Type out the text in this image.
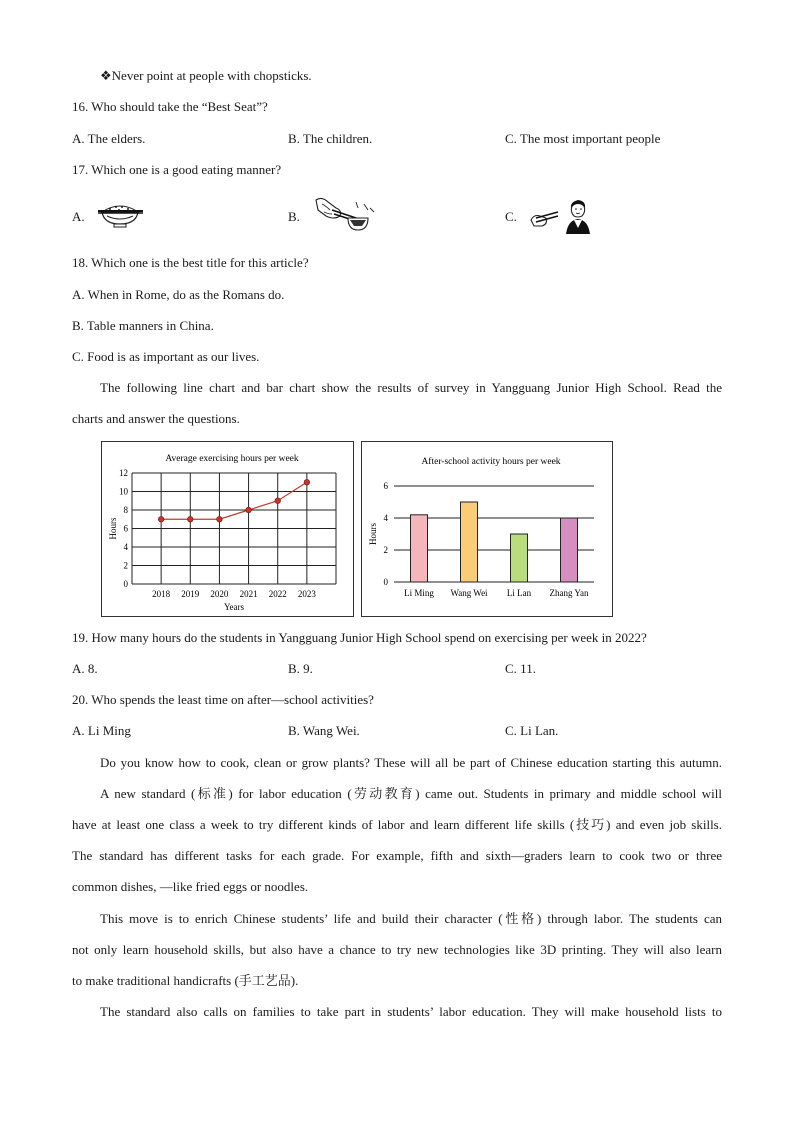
❖Never point at people with chopsticks.
16. Who should take the “Best Seat”?
A. The elders.	B. The children.	C. The most important people
17. Which one is a good eating manner?
A.	B.	C.
18. Which one is the best title for this article?
A. When in Rome, do as the Romans do.
B. Table manners in China.
C. Food is as important as our lives.
The following line chart and bar chart show the results of survey in Yangguang Junior High School. Read the
charts and answer the questions.
Average exercising hours per week
0
2
4
6
8
10
12
2018 2019 2020 2021 2022 2023
Years
Hours
After-school activity hours per week
0
2
4
6
Hours
Li Ming Wang Wei Li Lan Zhang Yan
19. How many hours do the students in Yangguang Junior High School spend on exercising per week in 2022?
A. 8.	B. 9.	C. 11.
20. Who spends the least time on after—school activities?
A. Li Ming	B. Wang Wei.	C. Li Lan.
Do you know how to cook, clean or grow plants? These will all be part of Chinese education starting this autumn.
A new standard (标准) for labor education (劳动教育) came out. Students in primary and middle school will
have at least one class a week to try different kinds of labor and learn different life skills (技巧) and even job skills.
The standard has different tasks for each grade. For example, fifth and sixth—graders learn to cook two or three
common dishes, —like fried eggs or noodles.
This move is to enrich Chinese students’ life and build their character (性格) through labor. The students can
not only learn household skills, but also have a chance to try new technologies like 3D printing. They will also learn
to make traditional handicrafts (手工艺品).
The standard also calls on families to take part in students’ labor education. They will make household lists to
